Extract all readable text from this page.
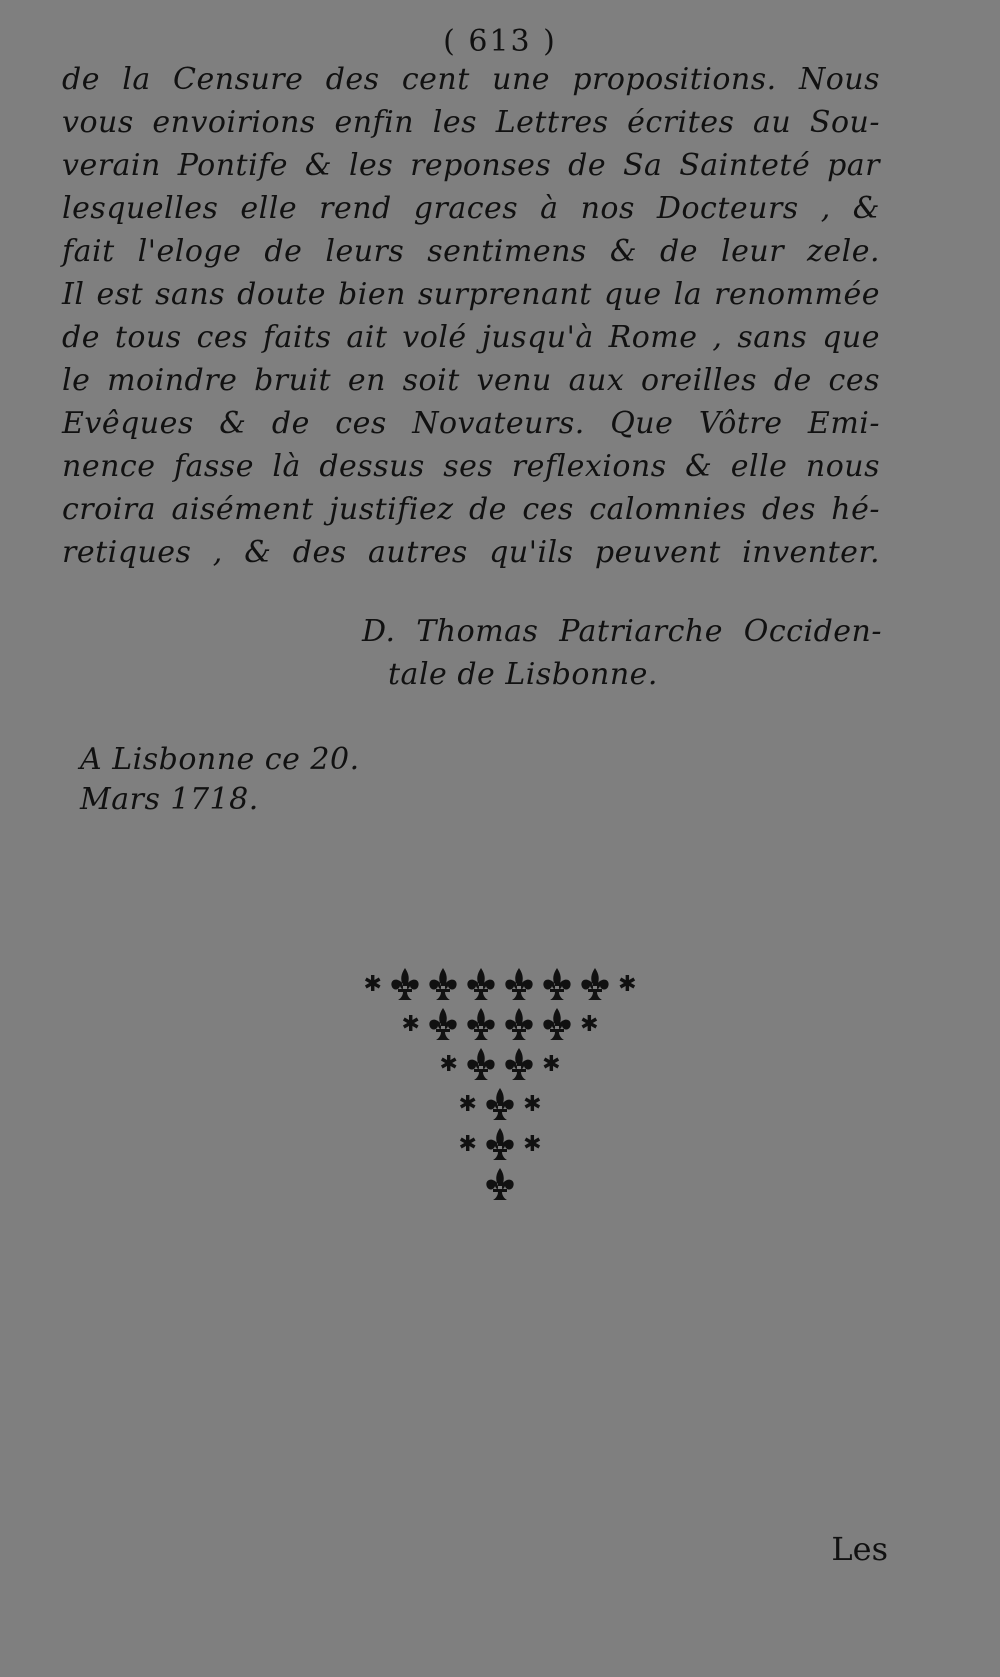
( 613 )
de la Censure des cent une propositions. Nous
vous envoirions enfin les Lettres écrites au Sou-
verain Pontife & les reponses de Sa Sainteté par
lesquelles elle rend graces à nos Docteurs , &
fait l'eloge de leurs sentimens & de leur zele.
Il est sans doute bien surprenant que la renommée
de tous ces faits ait volé jusqu'à Rome , sans que
le moindre bruit en soit venu aux oreilles de ces
Evêques & de ces Novateurs. Que Vôtre Emi-
nence fasse là dessus ses reflexions & elle nous
croira aisément justifiez de ces calomnies des hé-
retiques , & des autres qu'ils peuvent inventer.
D. Thomas Patriarche Occiden-
tale de Lisbonne.
A Lisbonne ce 20.
Mars 1718.
✱	✱
✱	✱
✱	✱
✱ ✱
✱ ✱
Les
